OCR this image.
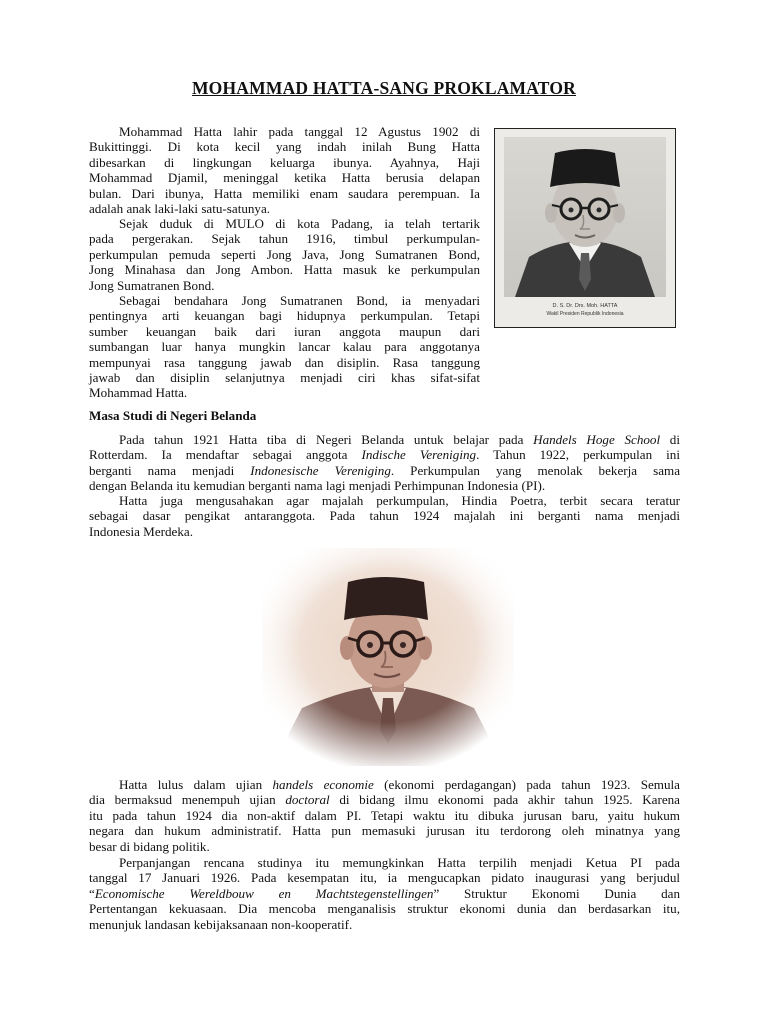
MOHAMMAD HATTA-SANG PROKLAMATOR

Mohammad Hatta lahir pada tanggal 12 Agustus 1902 di
Bukittinggi. Di kota kecil yang indah inilah Bung Hatta
dibesarkan di lingkungan keluarga ibunya. Ayahnya, Haji
Mohammad Djamil, meninggal ketika Hatta berusia delapan
bulan. Dari ibunya, Hatta memiliki enam saudara perempuan. Ia
adalah anak laki-laki satu-satunya.

Sejak duduk di MULO di kota Padang, ia telah tertarik
pada pergerakan. Sejak tahun 1916, timbul perkumpulan-
perkumpulan pemuda seperti Jong Java, Jong Sumatranen Bond,
Jong Minahasa dan Jong Ambon. Hatta masuk ke perkumpulan
Jong Sumatranen Bond.

Sebagai bendahara Jong Sumatranen Bond, ia menyadari
pentingnya arti keuangan bagi hidupnya perkumpulan. Tetapi
sumber keuangan baik dari iuran anggota maupun dari
sumbangan luar hanya mungkin lancar kalau para anggotanya
mempunyai rasa tanggung jawab dan disiplin. Rasa tanggung
jawab dan disiplin selanjutnya menjadi ciri khas sifat-sifat
Mohammad Hatta.

D. S. Dr. Drs. Moh. HATTA
Wakil Presiden Republik Indonesia
Masa Studi di Negeri Belanda

Pada tahun 1921 Hatta tiba di Negeri Belanda untuk belajar pada Handels Hoge School di
Rotterdam. Ia mendaftar sebagai anggota Indische Vereniging. Tahun 1922, perkumpulan ini
berganti nama menjadi Indonesische Vereniging. Perkumpulan yang menolak bekerja sama
dengan Belanda itu kemudian berganti nama lagi menjadi Perhimpunan Indonesia (PI).

Hatta juga mengusahakan agar majalah perkumpulan, Hindia Poetra, terbit secara teratur
sebagai dasar pengikat antaranggota. Pada tahun 1924 majalah ini berganti nama menjadi
Indonesia Merdeka.

Hatta lulus dalam ujian handels economie (ekonomi perdagangan) pada tahun 1923. Semula
dia bermaksud menempuh ujian doctoral di bidang ilmu ekonomi pada akhir tahun 1925. Karena
itu pada tahun 1924 dia non-aktif dalam PI. Tetapi waktu itu dibuka jurusan baru, yaitu hukum
negara dan hukum administratif. Hatta pun memasuki jurusan itu terdorong oleh minatnya yang
besar di bidang politik.

Perpanjangan rencana studinya itu memungkinkan Hatta terpilih menjadi Ketua PI pada
tanggal 17 Januari 1926. Pada kesempatan itu, ia mengucapkan pidato inaugurasi yang berjudul
“Economische Wereldbouw en Machtstegenstellingen” Struktur Ekonomi Dunia dan
Pertentangan kekuasaan. Dia mencoba menganalisis struktur ekonomi dunia dan berdasarkan itu,
menunjuk landasan kebijaksanaan non-kooperatif.
